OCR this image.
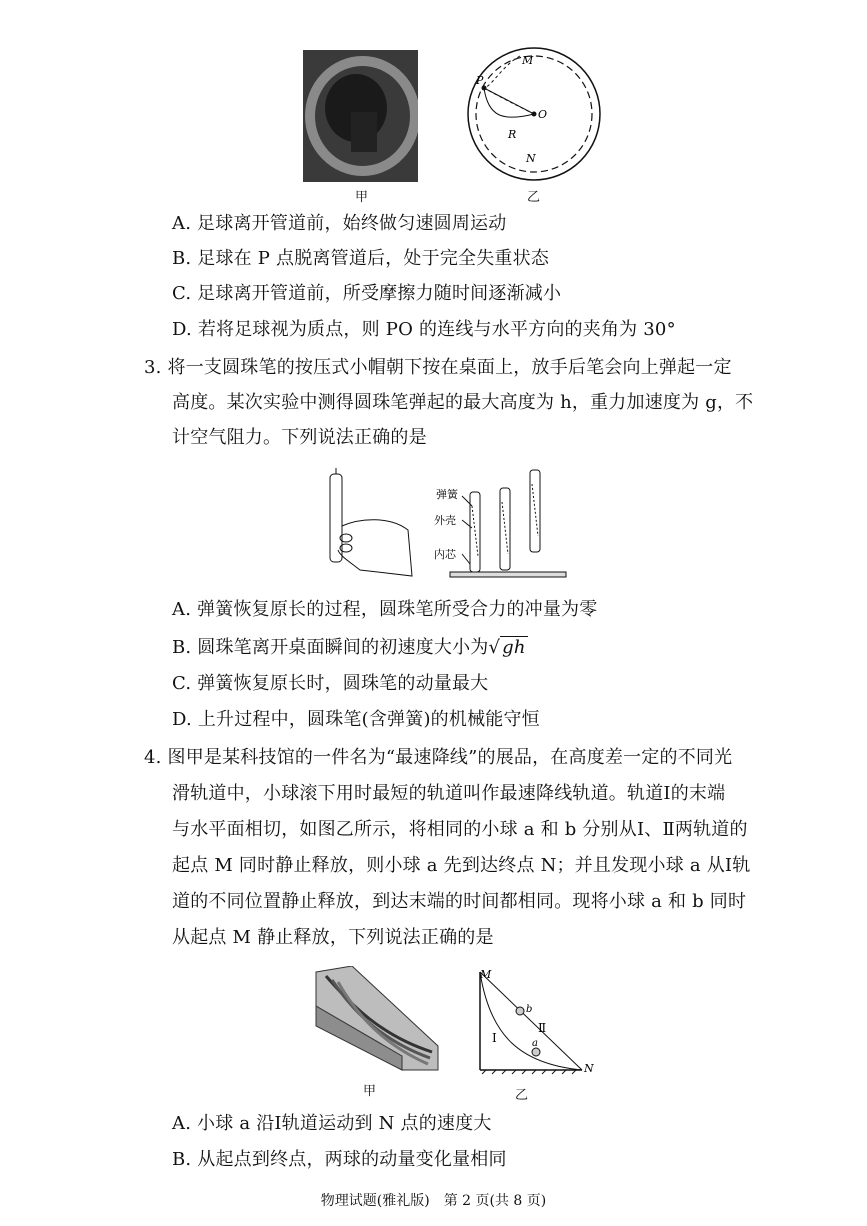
甲
P
O
R
M
N
乙
A. 足球离开管道前，始终做匀速圆周运动
B. 足球在 P 点脱离管道后，处于完全失重状态
C. 足球离开管道前，所受摩擦力随时间逐渐减小
D. 若将足球视为质点，则 PO 的连线与水平方向的夹角为 30°
3. 将一支圆珠笔的按压式小帽朝下按在桌面上，放手后笔会向上弹起一定
高度。某次实验中测得圆珠笔弹起的最大高度为 h，重力加速度为 g，不
计空气阻力。下列说法正确的是
弹簧
外壳
内芯
A. 弹簧恢复原长的过程，圆珠笔所受合力的冲量为零
B. 圆珠笔离开桌面瞬间的初速度大小为√ gh
C. 弹簧恢复原长时，圆珠笔的动量最大
D. 上升过程中，圆珠笔(含弹簧)的机械能守恒
4. 图甲是某科技馆的一件名为“最速降线”的展品，在高度差一定的不同光
滑轨道中，小球滚下用时最短的轨道叫作最速降线轨道。轨道Ⅰ的末端
与水平面相切，如图乙所示，将相同的小球 a 和 b 分别从Ⅰ、Ⅱ两轨道的
起点 M 同时静止释放，则小球 a 先到达终点 N；并且发现小球 a 从Ⅰ轨
道的不同位置静止释放，到达末端的时间都相同。现将小球 a 和 b 同时
从起点 M 静止释放，下列说法正确的是
甲
M
N
Ⅰ
Ⅱ
b
a
乙
A. 小球 a 沿Ⅰ轨道运动到 N 点的速度大
B. 从起点到终点，两球的动量变化量相同
物理试题(雅礼版)　第 2 页(共 8 页)
